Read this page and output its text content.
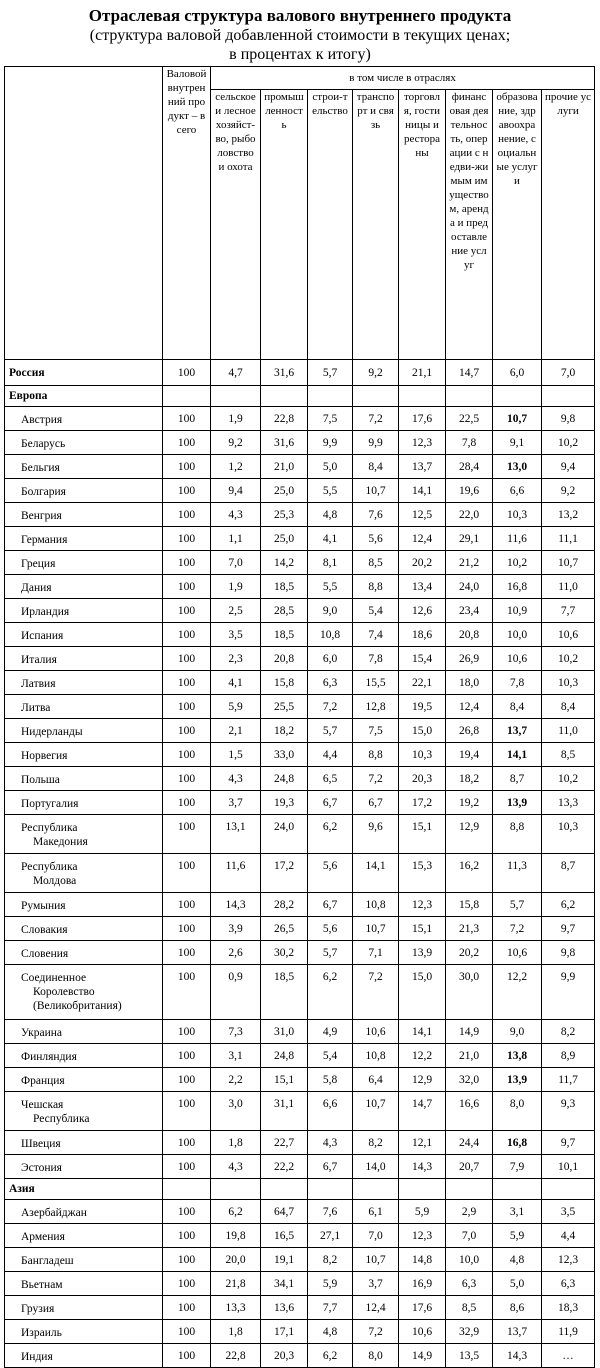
Отраслевая структура валового внутреннего продукта
(структура валовой добавленной стоимости в текущих ценах;
в процентах к итогу)
	Валовой внутренний продукт – всего	в том числе в отраслях							
		сельское и лесное хозяйст-во, рыболовство и охота	промышленность	строи-тельство	транспорт и связь	торговля, гостиницы и рестораны	финансовая деятельность, операции с недви-жимым имуществом, аренда и предоставление услуг	образование, здравоохранение, социальные услуги	прочие услуги
Россия	100	4,7	31,6	5,7	9,2	21,1	14,7	6,0	7,0
Европа									
Австрия	100	1,9	22,8	7,5	7,2	17,6	22,5	10,7	9,8
Беларусь	100	9,2	31,6	9,9	9,9	12,3	7,8	9,1	10,2
Бельгия	100	1,2	21,0	5,0	8,4	13,7	28,4	13,0	9,4
Болгария	100	9,4	25,0	5,5	10,7	14,1	19,6	6,6	9,2
Венгрия	100	4,3	25,3	4,8	7,6	12,5	22,0	10,3	13,2
Германия	100	1,1	25,0	4,1	5,6	12,4	29,1	11,6	11,1
Греция	100	7,0	14,2	8,1	8,5	20,2	21,2	10,2	10,7
Дания	100	1,9	18,5	5,5	8,8	13,4	24,0	16,8	11,0
Ирландия	100	2,5	28,5	9,0	5,4	12,6	23,4	10,9	7,7
Испания	100	3,5	18,5	10,8	7,4	18,6	20,8	10,0	10,6
Италия	100	2,3	20,8	6,0	7,8	15,4	26,9	10,6	10,2
Латвия	100	4,1	15,8	6,3	15,5	22,1	18,0	7,8	10,3
Литва	100	5,9	25,5	7,2	12,8	19,5	12,4	8,4	8,4
Нидерланды	100	2,1	18,2	5,7	7,5	15,0	26,8	13,7	11,0
Норвегия	100	1,5	33,0	4,4	8,8	10,3	19,4	14,1	8,5
Польша	100	4,3	24,8	6,5	7,2	20,3	18,2	8,7	10,2
Португалия	100	3,7	19,3	6,7	6,7	17,2	19,2	13,9	13,3
Республика
Македония	100	13,1	24,0	6,2	9,6	15,1	12,9	8,8	10,3
Республика
Молдова	100	11,6	17,2	5,6	14,1	15,3	16,2	11,3	8,7
Румыния	100	14,3	28,2	6,7	10,8	12,3	15,8	5,7	6,2
Словакия	100	3,9	26,5	5,6	10,7	15,1	21,3	7,2	9,7
Словения	100	2,6	30,2	5,7	7,1	13,9	20,2	10,6	9,8
Соединенное
Королевство
(Великобритания)	100	0,9	18,5	6,2	7,2	15,0	30,0	12,2	9,9
Украина	100	7,3	31,0	4,9	10,6	14,1	14,9	9,0	8,2
Финляндия	100	3,1	24,8	5,4	10,8	12,2	21,0	13,8	8,9
Франция	100	2,2	15,1	5,8	6,4	12,9	32,0	13,9	11,7
Чешская
Республика	100	3,0	31,1	6,6	10,7	14,7	16,6	8,0	9,3
Швеция	100	1,8	22,7	4,3	8,2	12,1	24,4	16,8	9,7
Эстония	100	4,3	22,2	6,7	14,0	14,3	20,7	7,9	10,1
Азия									
Азербайджан	100	6,2	64,7	7,6	6,1	5,9	2,9	3,1	3,5
Армения	100	19,8	16,5	27,1	7,0	12,3	7,0	5,9	4,4
Бангладеш	100	20,0	19,1	8,2	10,7	14,8	10,0	4,8	12,3
Вьетнам	100	21,8	34,1	5,9	3,7	16,9	6,3	5,0	6,3
Грузия	100	13,3	13,6	7,7	12,4	17,6	8,5	8,6	18,3
Израиль	100	1,8	17,1	4,8	7,2	10,6	32,9	13,7	11,9
Индия	100	22,8	20,3	6,2	8,0	14,9	13,5	14,3	…
